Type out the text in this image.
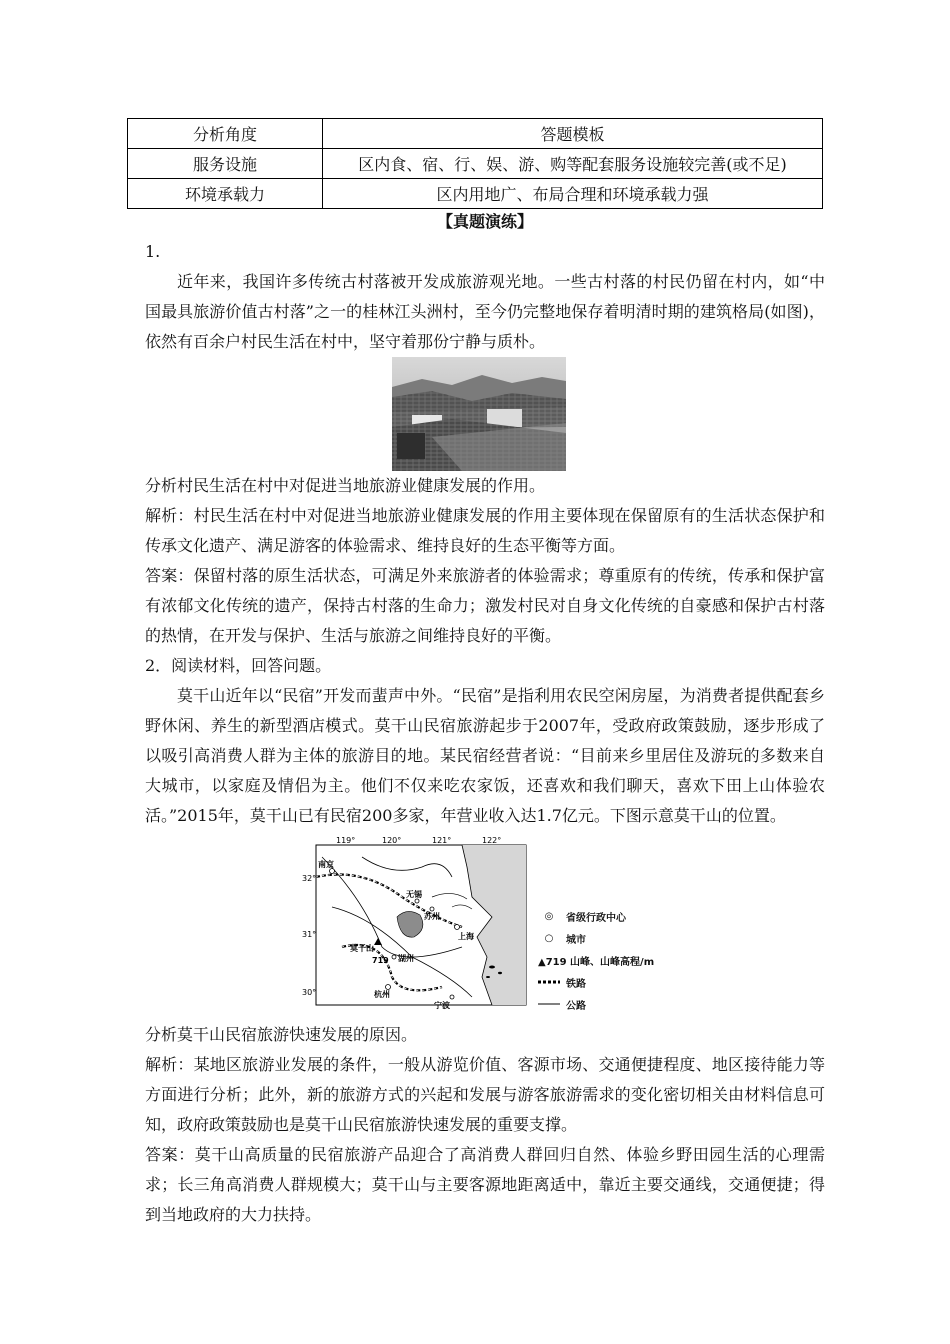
分析角度	答题模板
服务设施	区内食、宿、行、娱、游、购等配套服务设施较完善(或不足)
环境承载力	区内用地广、布局合理和环境承载力强
【真题演练】

1.

近年来，我国许多传统古村落被开发成旅游观光地。一些古村落的村民仍留在村内，如“中国最具旅游价值古村落”之一的桂林江头洲村，至今仍完整地保存着明清时期的建筑格局(如图)，依然有百余户村民生活在村中，坚守着那份宁静与质朴。

分析村民生活在村中对促进当地旅游业健康发展的作用。

解析：村民生活在村中对促进当地旅游业健康发展的作用主要体现在保留原有的生活状态保护和传承文化遗产、满足游客的体验需求、维持良好的生态平衡等方面。

答案：保留村落的原生活状态，可满足外来旅游者的体验需求；尊重原有的传统，传承和保护富有浓郁文化传统的遗产，保持古村落的生命力；激发村民对自身文化传统的自豪感和保护古村落的热情，在开发与保护、生活与旅游之间维持良好的平衡。

2．阅读材料，回答问题。

莫干山近年以“民宿”开发而蜚声中外。“民宿”是指利用农民空闲房屋，为消费者提供配套乡野休闲、养生的新型酒店模式。莫干山民宿旅游起步于2007年，受政府政策鼓励，逐步形成了以吸引高消费人群为主体的旅游目的地。某民宿经营者说：“目前来乡里居住及游玩的多数来自大城市，以家庭及情侣为主。他们不仅来吃农家饭，还喜欢和我们聊天，喜欢下田上山体验农活。”2015年，莫干山已有民宿200多家，年营业收入达1.7亿元。下图示意莫干山的位置。

119°	120°	121°	122°
32°
31°
30°
南京
无锡
苏州
上海
莫干山
719 湖州
杭州
宁波
◎	省级行政中心
○	城市
▲719 山峰、山峰高程/m
铁路
公路

分析莫干山民宿旅游快速发展的原因。

解析：某地区旅游业发展的条件，一般从游览价值、客源市场、交通便捷程度、地区接待能力等方面进行分析；此外，新的旅游方式的兴起和发展与游客旅游需求的变化密切相关由材料信息可知，政府政策鼓励也是莫干山民宿旅游快速发展的重要支撑。

答案：莫干山高质量的民宿旅游产品迎合了高消费人群回归自然、体验乡野田园生活的心理需求；长三角高消费人群规模大；莫干山与主要客源地距离适中，靠近主要交通线，交通便捷；得到当地政府的大力扶持。
